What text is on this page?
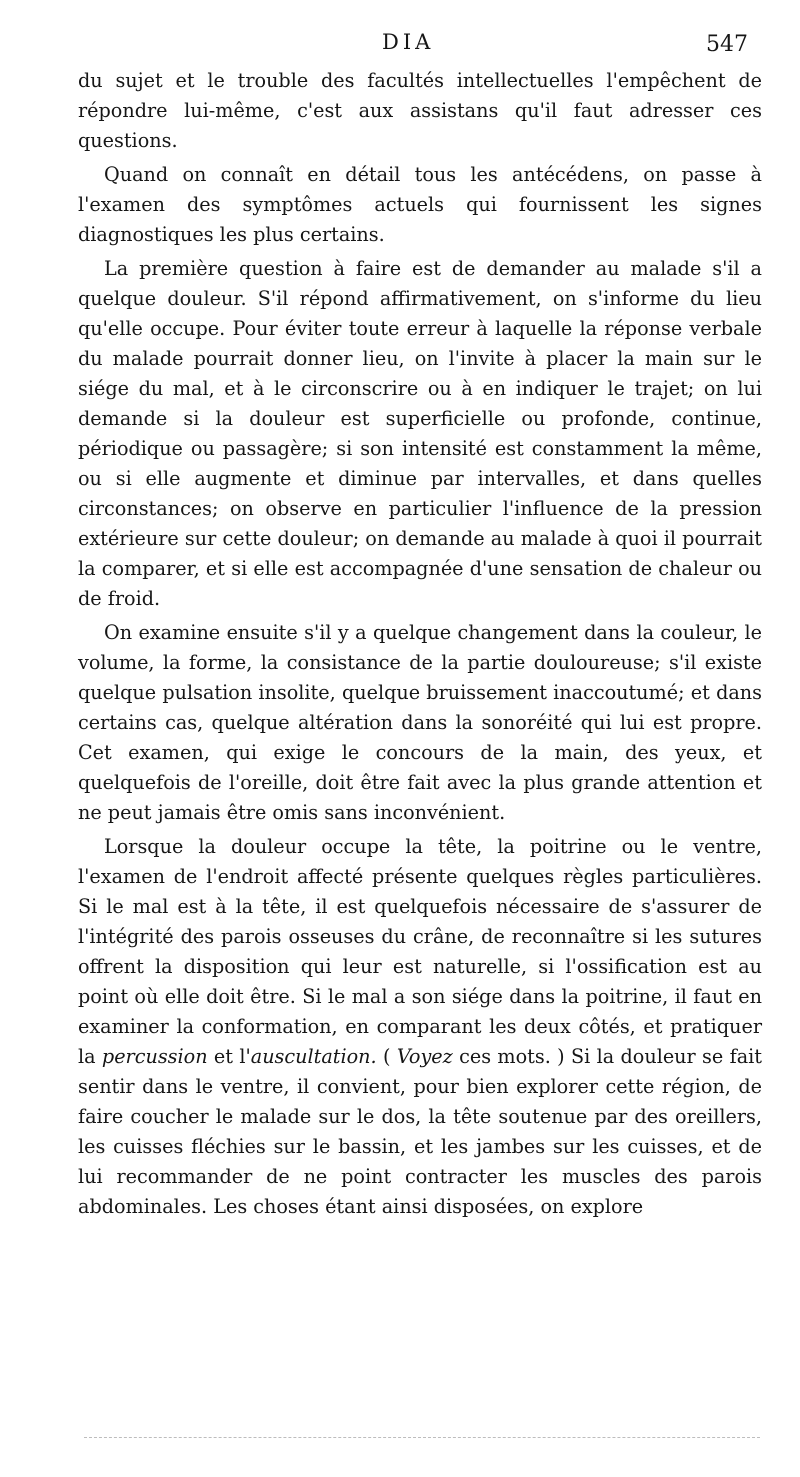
DIA	547

du sujet et le trouble des facultés intellectuelles l'empêchent de répondre lui-même, c'est aux assistans qu'il faut adresser ces questions.

Quand on connaît en détail tous les antécédens, on passe à l'examen des symptômes actuels qui fournissent les signes diagnostiques les plus certains.

La première question à faire est de demander au malade s'il a quelque douleur. S'il répond affirmativement, on s'informe du lieu qu'elle occupe. Pour éviter toute erreur à laquelle la réponse verbale du malade pourrait donner lieu, on l'invite à placer la main sur le siége du mal, et à le circonscrire ou à en indiquer le trajet; on lui demande si la douleur est superficielle ou profonde, continue, périodique ou passagère; si son intensité est constamment la même, ou si elle augmente et diminue par intervalles, et dans quelles circonstances; on observe en particulier l'influence de la pression extérieure sur cette douleur; on demande au malade à quoi il pourrait la comparer, et si elle est accompagnée d'une sensation de chaleur ou de froid.

On examine ensuite s'il y a quelque changement dans la couleur, le volume, la forme, la consistance de la partie douloureuse; s'il existe quelque pulsation insolite, quelque bruissement inaccoutumé; et dans certains cas, quelque altération dans la sonoréité qui lui est propre. Cet examen, qui exige le concours de la main, des yeux, et quelquefois de l'oreille, doit être fait avec la plus grande attention et ne peut jamais être omis sans inconvénient.

Lorsque la douleur occupe la tête, la poitrine ou le ventre, l'examen de l'endroit affecté présente quelques règles particulières. Si le mal est à la tête, il est quelquefois nécessaire de s'assurer de l'intégrité des parois osseuses du crâne, de reconnaître si les sutures offrent la disposition qui leur est naturelle, si l'ossification est au point où elle doit être. Si le mal a son siége dans la poitrine, il faut en examiner la conformation, en comparant les deux côtés, et pratiquer la percussion et l'auscultation. ( Voyez ces mots. ) Si la douleur se fait sentir dans le ventre, il convient, pour bien explorer cette région, de faire coucher le malade sur le dos, la tête soutenue par des oreillers, les cuisses fléchies sur le bassin, et les jambes sur les cuisses, et de lui recommander de ne point contracter les muscles des parois abdominales. Les choses étant ainsi disposées, on explore
